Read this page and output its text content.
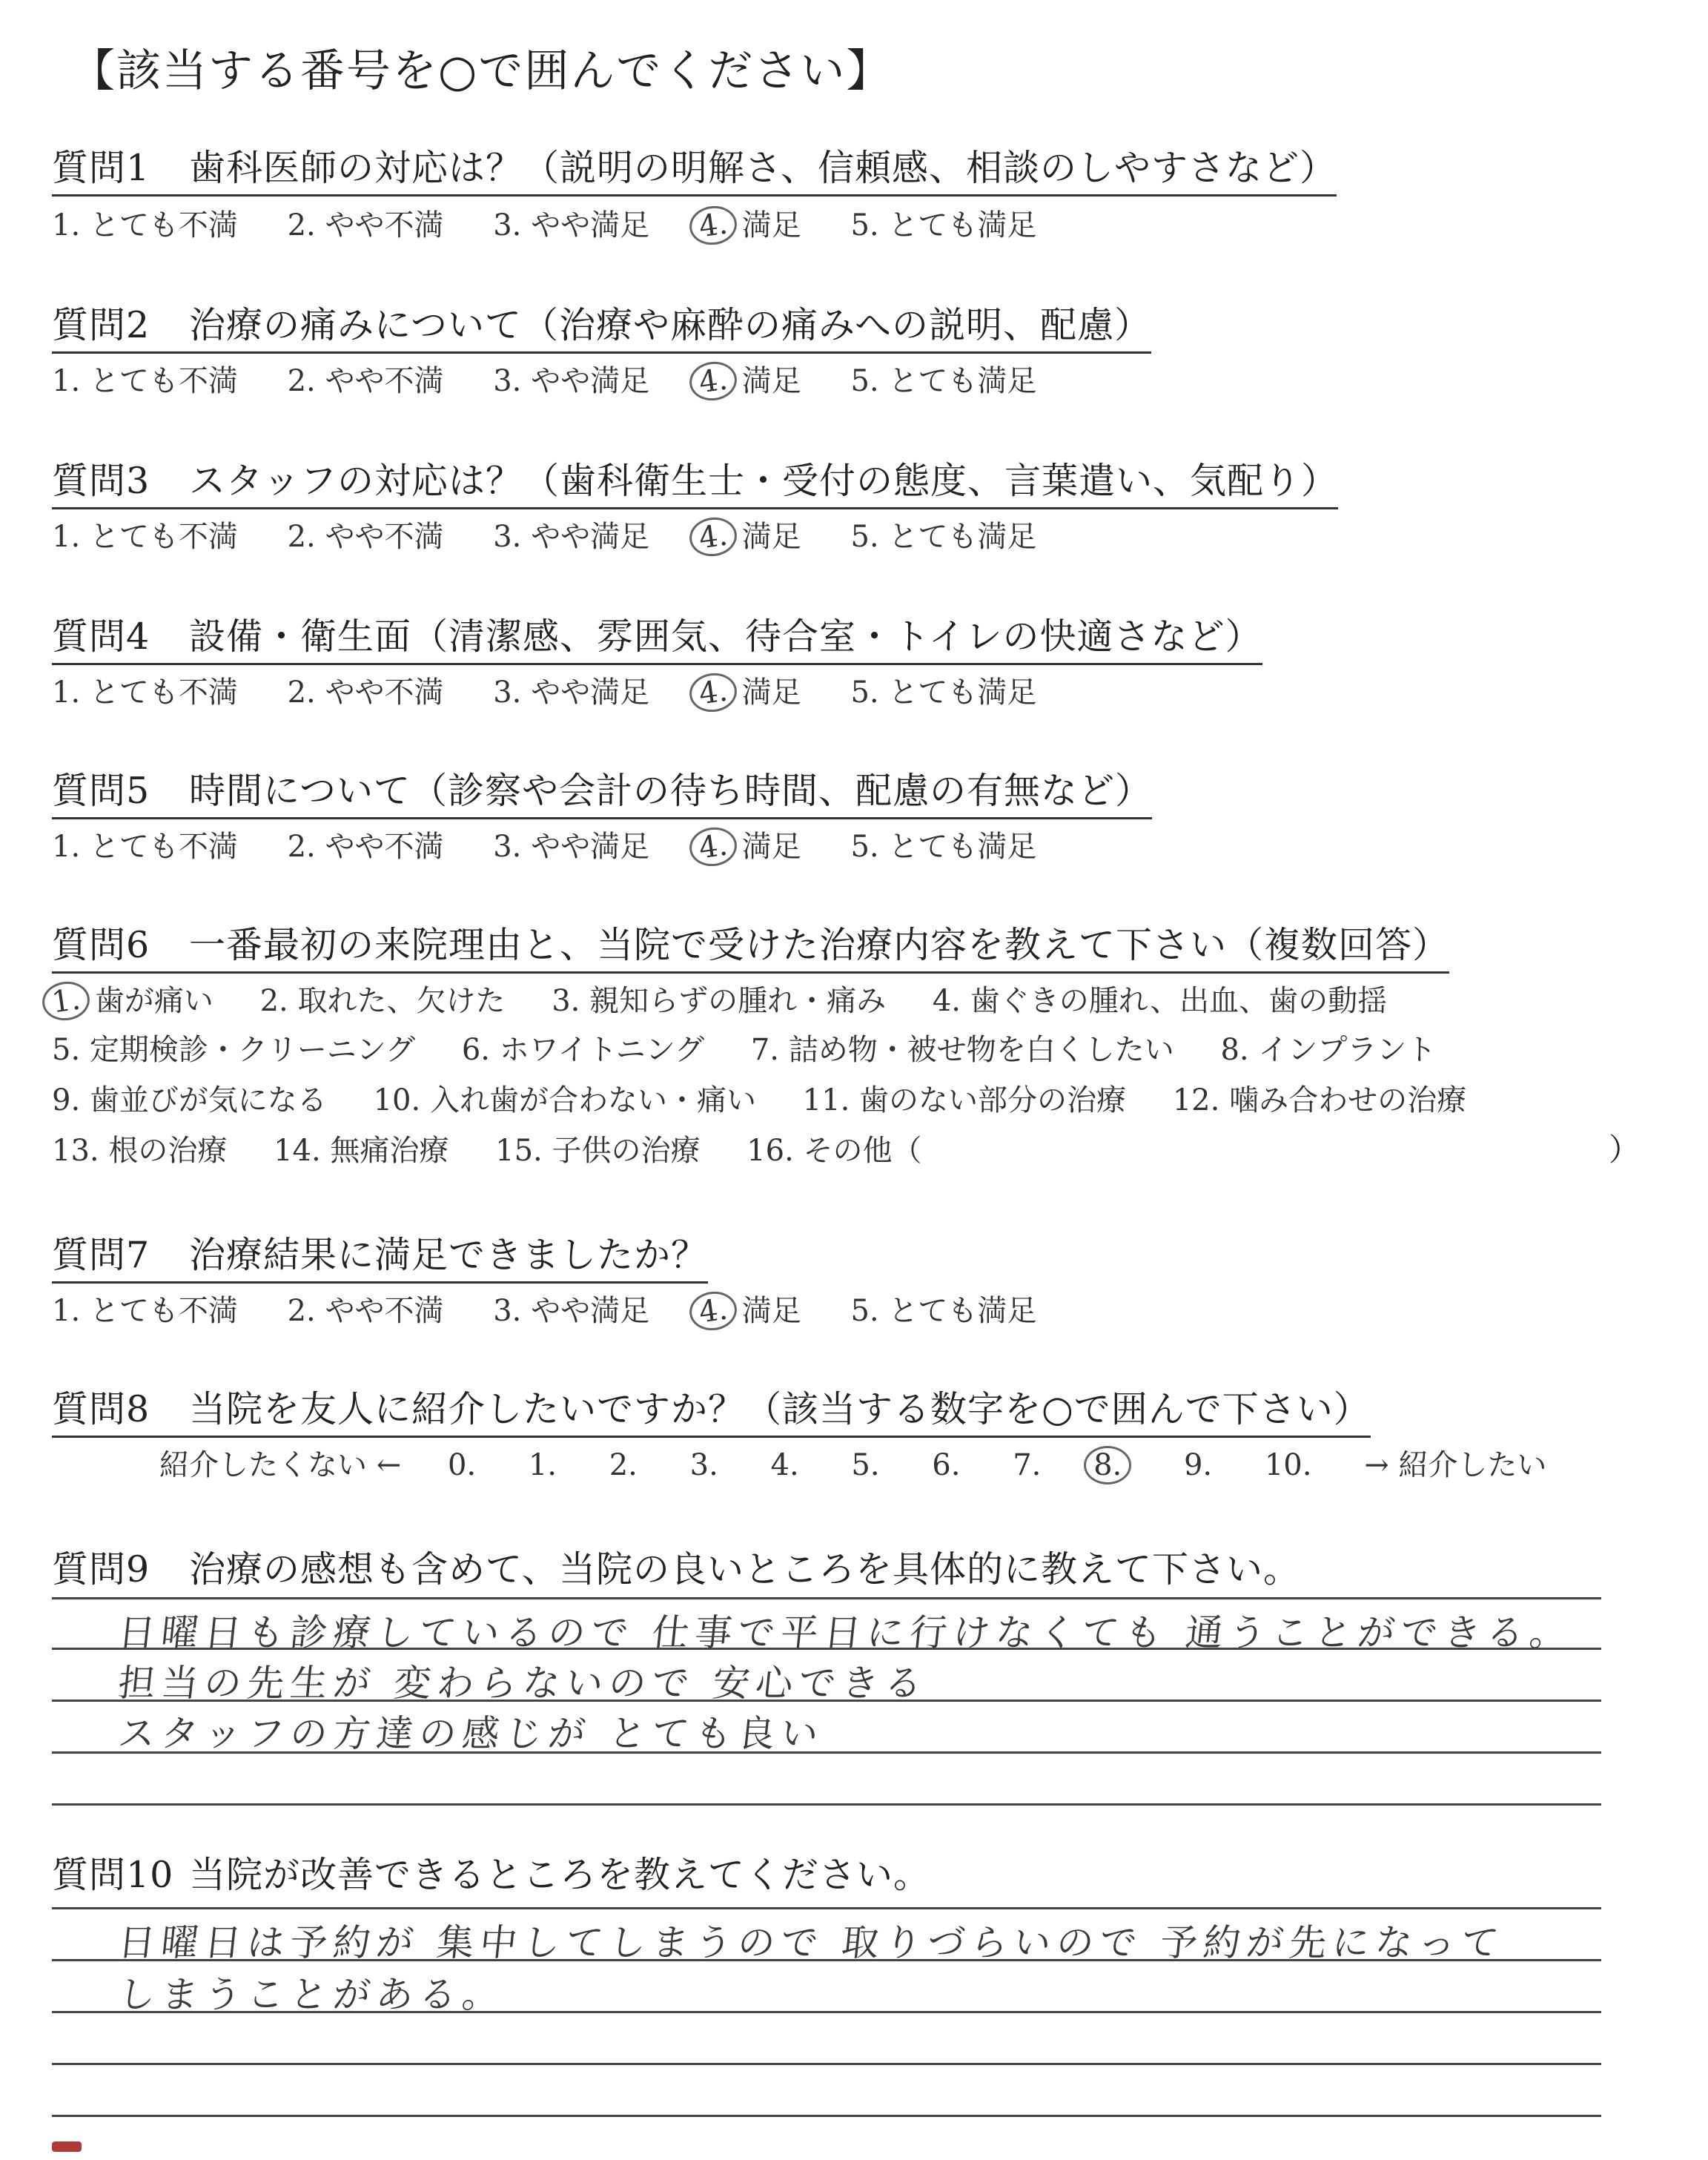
【該当する番号を○で囲んでください】
質問1 歯科医師の対応は？（説明の明解さ、信頼感、相談のしやすさなど）
1. とても不満 2. やや不満 3. やや満足 4. 満足 5. とても満足
質問2 治療の痛みについて（治療や麻酔の痛みへの説明、配慮）
1. とても不満 2. やや不満 3. やや満足 4. 満足 5. とても満足
質問3 スタッフの対応は？（歯科衛生士・受付の態度、言葉遣い、気配り）
1. とても不満 2. やや不満 3. やや満足 4. 満足 5. とても満足
質問4 設備・衛生面（清潔感、雰囲気、待合室・トイレの快適さなど）
1. とても不満 2. やや不満 3. やや満足 4. 満足 5. とても満足
質問5 時間について（診察や会計の待ち時間、配慮の有無など）
1. とても不満 2. やや不満 3. やや満足 4. 満足 5. とても満足
質問6 一番最初の来院理由と、当院で受けた治療内容を教えて下さい（複数回答）
1. 歯が痛い 2. 取れた、欠けた 3. 親知らずの腫れ・痛み 4. 歯ぐきの腫れ、出血、歯の動揺
5. 定期検診・クリーニング 6. ホワイトニング 7. 詰め物・被せ物を白くしたい 8. インプラント
9. 歯並びが気になる 10. 入れ歯が合わない・痛い 11. 歯のない部分の治療 12. 噛み合わせの治療
13. 根の治療 14. 無痛治療 15. 子供の治療 16. その他（	）
質問7 治療結果に満足できましたか？
1. とても不満 2. やや不満 3. やや満足 4. 満足 5. とても満足
質問8 当院を友人に紹介したいですか？（該当する数字を○で囲んで下さい）
紹介したくない ← 0. 1. 2. 3. 4. 5. 6. 7. 8. 9. 10. → 紹介したい
質問9 治療の感想も含めて、当院の良いところを具体的に教えて下さい。
日曜日も診療しているので 仕事で平日に行けなくても 通うことができる。
担当の先生が 変わらないので 安心できる
スタッフの方達の感じが とても良い
質問10 当院が改善できるところを教えてください。
日曜日は予約が 集中してしまうので 取りづらいので 予約が先になって
しまうことがある。
